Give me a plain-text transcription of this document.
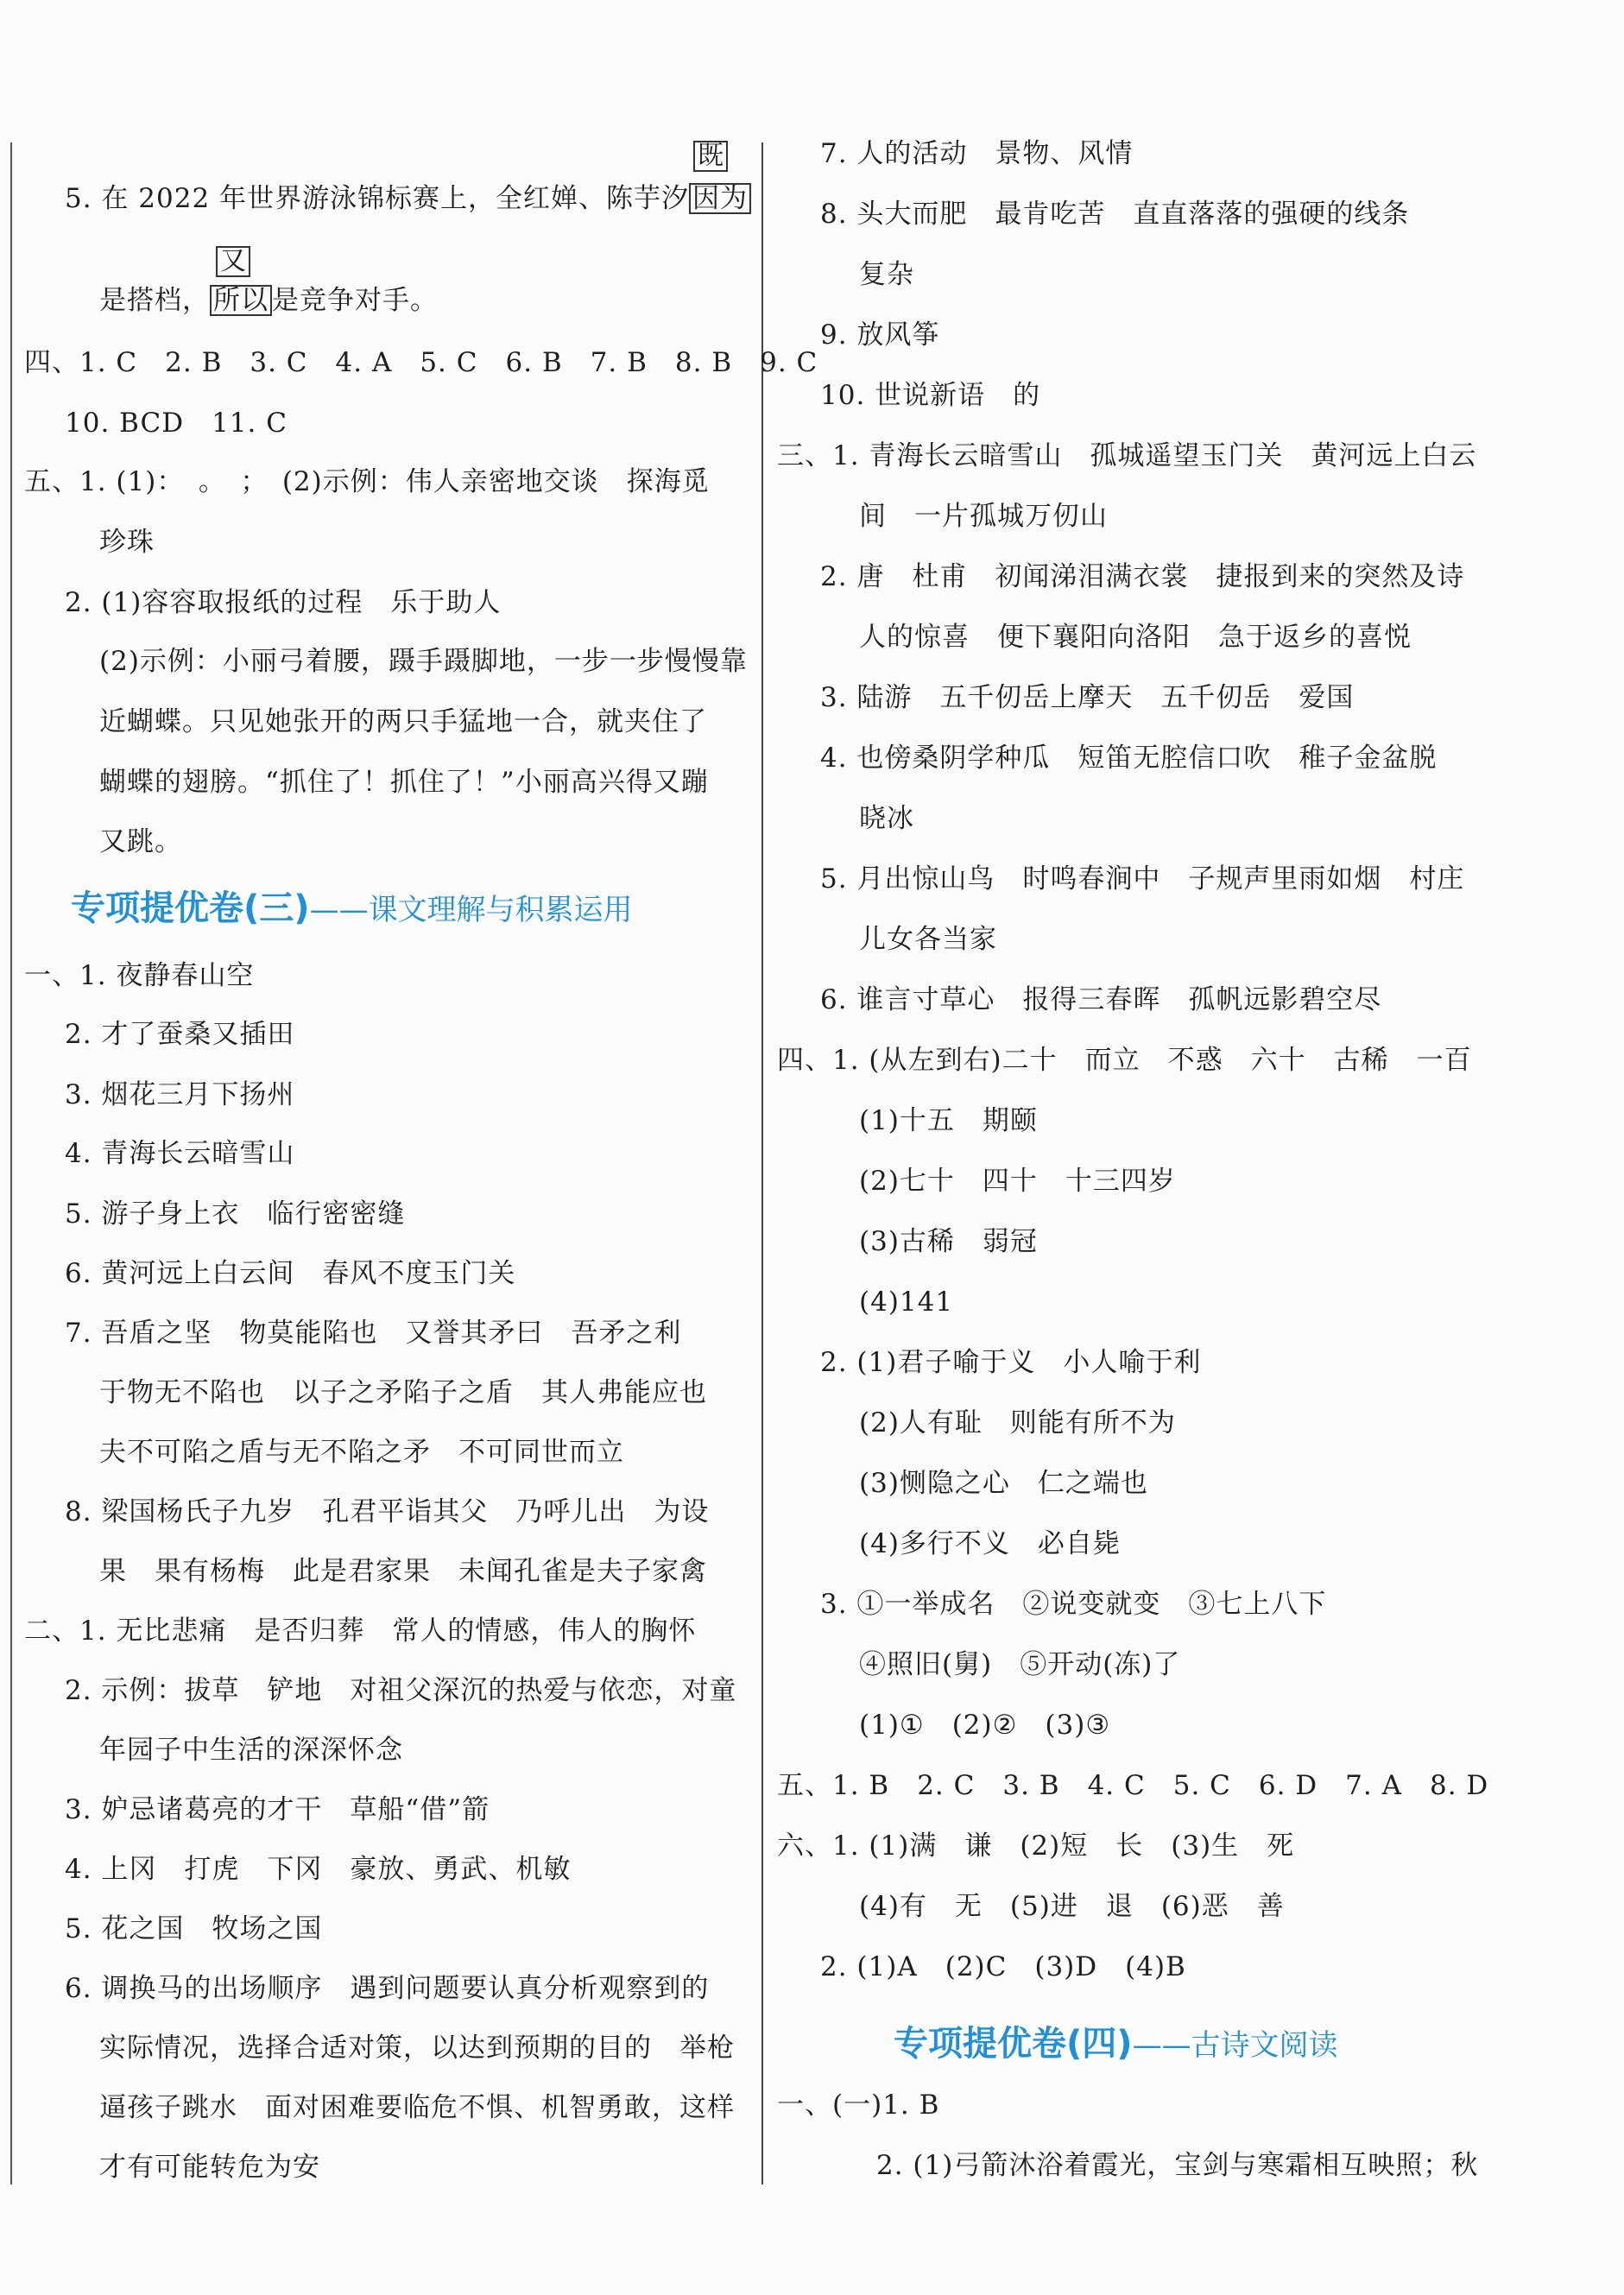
5. 在 2022 年世界游泳锦标赛上，全红婵、陈芋汐 因为
既
是搭档， 所以 是竞争对手。
又
四、1. C　2. B　3. C　4. A　5. C　6. B　7. B　8. B　9. C
10. BCD　11. C
五、1. (1)：　。　；　(2)示例：伟人亲密地交谈　探海觅
珍珠
2. (1)容容取报纸的过程　乐于助人
(2)示例：小丽弓着腰，蹑手蹑脚地，一步一步慢慢靠
近蝴蝶。只见她张开的两只手猛地一合，就夹住了
蝴蝶的翅膀。“抓住了！抓住了！”小丽高兴得又蹦
又跳。
专项提优卷(三)——课文理解与积累运用
一、1. 夜静春山空
2. 才了蚕桑又插田
3. 烟花三月下扬州
4. 青海长云暗雪山
5. 游子身上衣　临行密密缝
6. 黄河远上白云间　春风不度玉门关
7. 吾盾之坚　物莫能陷也　又誉其矛曰　吾矛之利
于物无不陷也　以子之矛陷子之盾　其人弗能应也
夫不可陷之盾与无不陷之矛　不可同世而立
8. 梁国杨氏子九岁　孔君平诣其父　乃呼儿出　为设
果　果有杨梅　此是君家果　未闻孔雀是夫子家禽
二、1. 无比悲痛　是否归葬　常人的情感，伟人的胸怀
2. 示例：拔草　铲地　对祖父深沉的热爱与依恋，对童
年园子中生活的深深怀念
3. 妒忌诸葛亮的才干　草船“借”箭
4. 上冈　打虎　下冈　豪放、勇武、机敏
5. 花之国　牧场之国
6. 调换马的出场顺序　遇到问题要认真分析观察到的
实际情况，选择合适对策，以达到预期的目的　举枪
逼孩子跳水　面对困难要临危不惧、机智勇敢，这样
才有可能转危为安
7. 人的活动　景物、风情
8. 头大而肥　最肯吃苦　直直落落的强硬的线条
复杂
9. 放风筝
10. 世说新语　的
三、1. 青海长云暗雪山　孤城遥望玉门关　黄河远上白云
间　一片孤城万仞山
2. 唐　杜甫　初闻涕泪满衣裳　捷报到来的突然及诗
人的惊喜　便下襄阳向洛阳　急于返乡的喜悦
3. 陆游　五千仞岳上摩天　五千仞岳　爱国
4. 也傍桑阴学种瓜　短笛无腔信口吹　稚子金盆脱
晓冰
5. 月出惊山鸟　时鸣春涧中　子规声里雨如烟　村庄
儿女各当家
6. 谁言寸草心　报得三春晖　孤帆远影碧空尽
四、1. (从左到右)二十　而立　不惑　六十　古稀　一百
(1)十五　期颐
(2)七十　四十　十三四岁
(3)古稀　弱冠
(4)141
2. (1)君子喻于义　小人喻于利
(2)人有耻　则能有所不为
(3)恻隐之心　仁之端也
(4)多行不义　必自毙
3. ①一举成名　②说变就变　③七上八下
④照旧(舅)　⑤开动(冻)了
(1)①　(2)②　(3)③
五、1. B　2. C　3. B　4. C　5. C　6. D　7. A　8. D
六、1. (1)满　谦　(2)短　长　(3)生　死
(4)有　无　(5)进　退　(6)恶　善
2. (1)A　(2)C　(3)D　(4)B
专项提优卷(四)——古诗文阅读
一、(一)1. B
2. (1)弓箭沐浴着霞光，宝剑与寒霜相互映照；秋
